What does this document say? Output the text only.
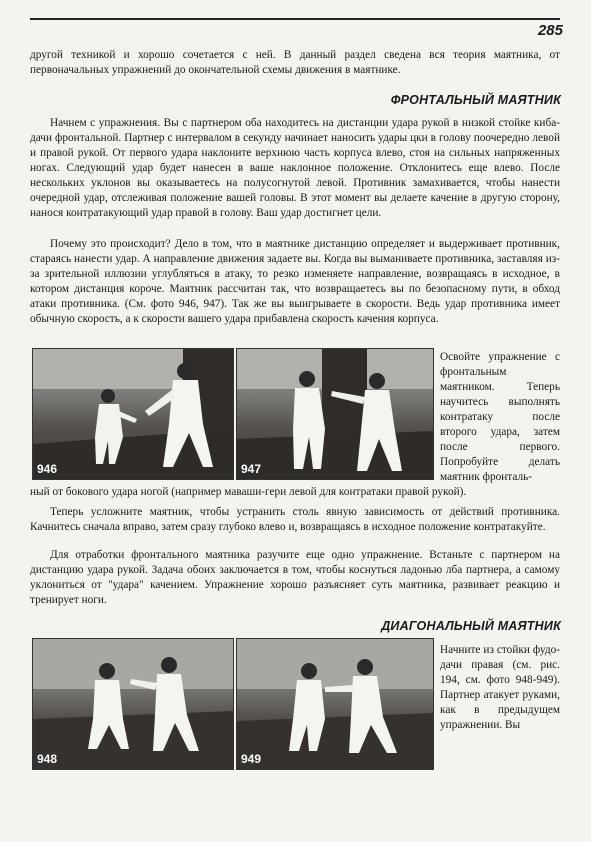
285

другой техникой и хорошо сочетается с ней. В данный раздел сведена вся теория маятника, от первоначальных упражнений до окончательной схемы движения в маятнике.

ФРОНТАЛЬНЫЙ МАЯТНИК

Начнем с упражнения. Вы с партнером оба находитесь на дистанции удара рукой в низкой стойке киба-дачи фронтальной. Партнер с интервалом в секунду начинает наносить удары цки в голову поочередно левой и правой рукой. От первого удара наклоните верхнюю часть корпуса влево, стоя на сильных напряженных ногах. Следующий удар будет нанесен в ваше наклонное положение. Отклонитесь еще влево. После нескольких уклонов вы оказываетесь на полусогнутой левой. Противник замахивается, чтобы нанести очередной удар, отслеживая положение вашей головы. В этот момент вы делаете качение в другую сторону, нанося контратакующий удар правой в голову. Ваш удар достигнет цели.

Почему это происходит? Дело в том, что в маятнике дистанцию определяет и выдерживает противник, стараясь нанести удар. А направление движения задаете вы. Когда вы выманиваете противника, заставляя из-за зрительной иллюзии углубляться в атаку, то резко изменяете направление, возвращаясь в исходное, в котором дистанция короче. Маятник рассчитан так, что возвращаетесь вы по безопасному пути, в обход атаки противника. (См. фото 946, 947). Так же вы выигрываете в скорости. Ведь удар противника имеет обычную скорость, а к скорости вашего удара прибавлена скорость качения корпуса.

946	947

Освойте упражнение с фронтальным маятником. Теперь научитесь выполнять контратаку после второго удара, затем после первого. Попробуйте делать маятник фронталь-

ный от бокового удара ногой (например маваши-гери левой для контратаки правой рукой).

Теперь усложните маятник, чтобы устранить столь явную зависимость от действий противника. Качнитесь сначала вправо, затем сразу глубоко влево и, возвращаясь в исходное положение контратакуйте.

Для отработки фронтального маятника разучите еще одно упражнение. Встаньте с партнером на дистанцию удара рукой. Задача обоих заключается в том, чтобы коснуться ладонью лба партнера, а самому уклониться от "удара" качением. Упражнение хорошо разъясняет суть маятника, развивает реакцию и тренирует ноги.

ДИАГОНАЛЬНЫЙ МАЯТНИК
948	949

Начните из стойки фудо-дачи правая (см. рис. 194, см. фото 948-949). Партнер атакует руками, как в предыдущем упражнении. Вы
